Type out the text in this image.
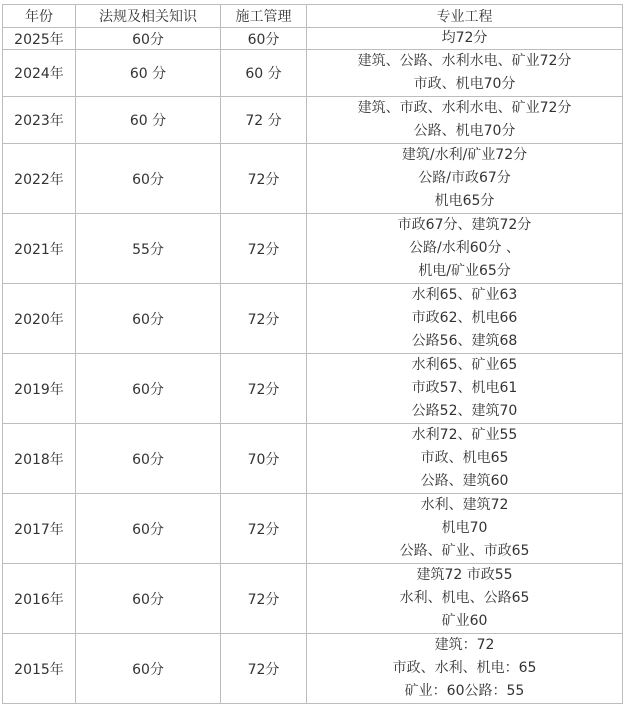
年份	法规及相关知识	施工管理	专业工程
2025年	60分	60分	均72分

2024年	60 分	60 分	建筑、公路、水利水电、矿业72分
市政、机电70分

2023年	60 分	72 分	建筑、市政、水利水电、矿业72分
公路、机电70分

2022年	60分	72分	建筑/水利/矿业72分
公路/市政67分
机电65分

2021年	55分	72分	市政67分、建筑72分
公路/水利60分 、
机电/矿业65分

2020年	60分	72分	水利65、矿业63
市政62、机电66
公路56、建筑68

2019年	60分	72分	水利65、矿业65
市政57、机电61
公路52、建筑70

2018年	60分	70分	水利72、矿业55
市政、机电65
公路、建筑60

2017年	60分	72分	水利、建筑72
机电70
公路、矿业、市政65

2016年	60分	72分	建筑72 市政55
水利、机电、公路65
矿业60

2015年	60分	72分	建筑：72
市政、水利、机电：65
矿业：60公路：55
